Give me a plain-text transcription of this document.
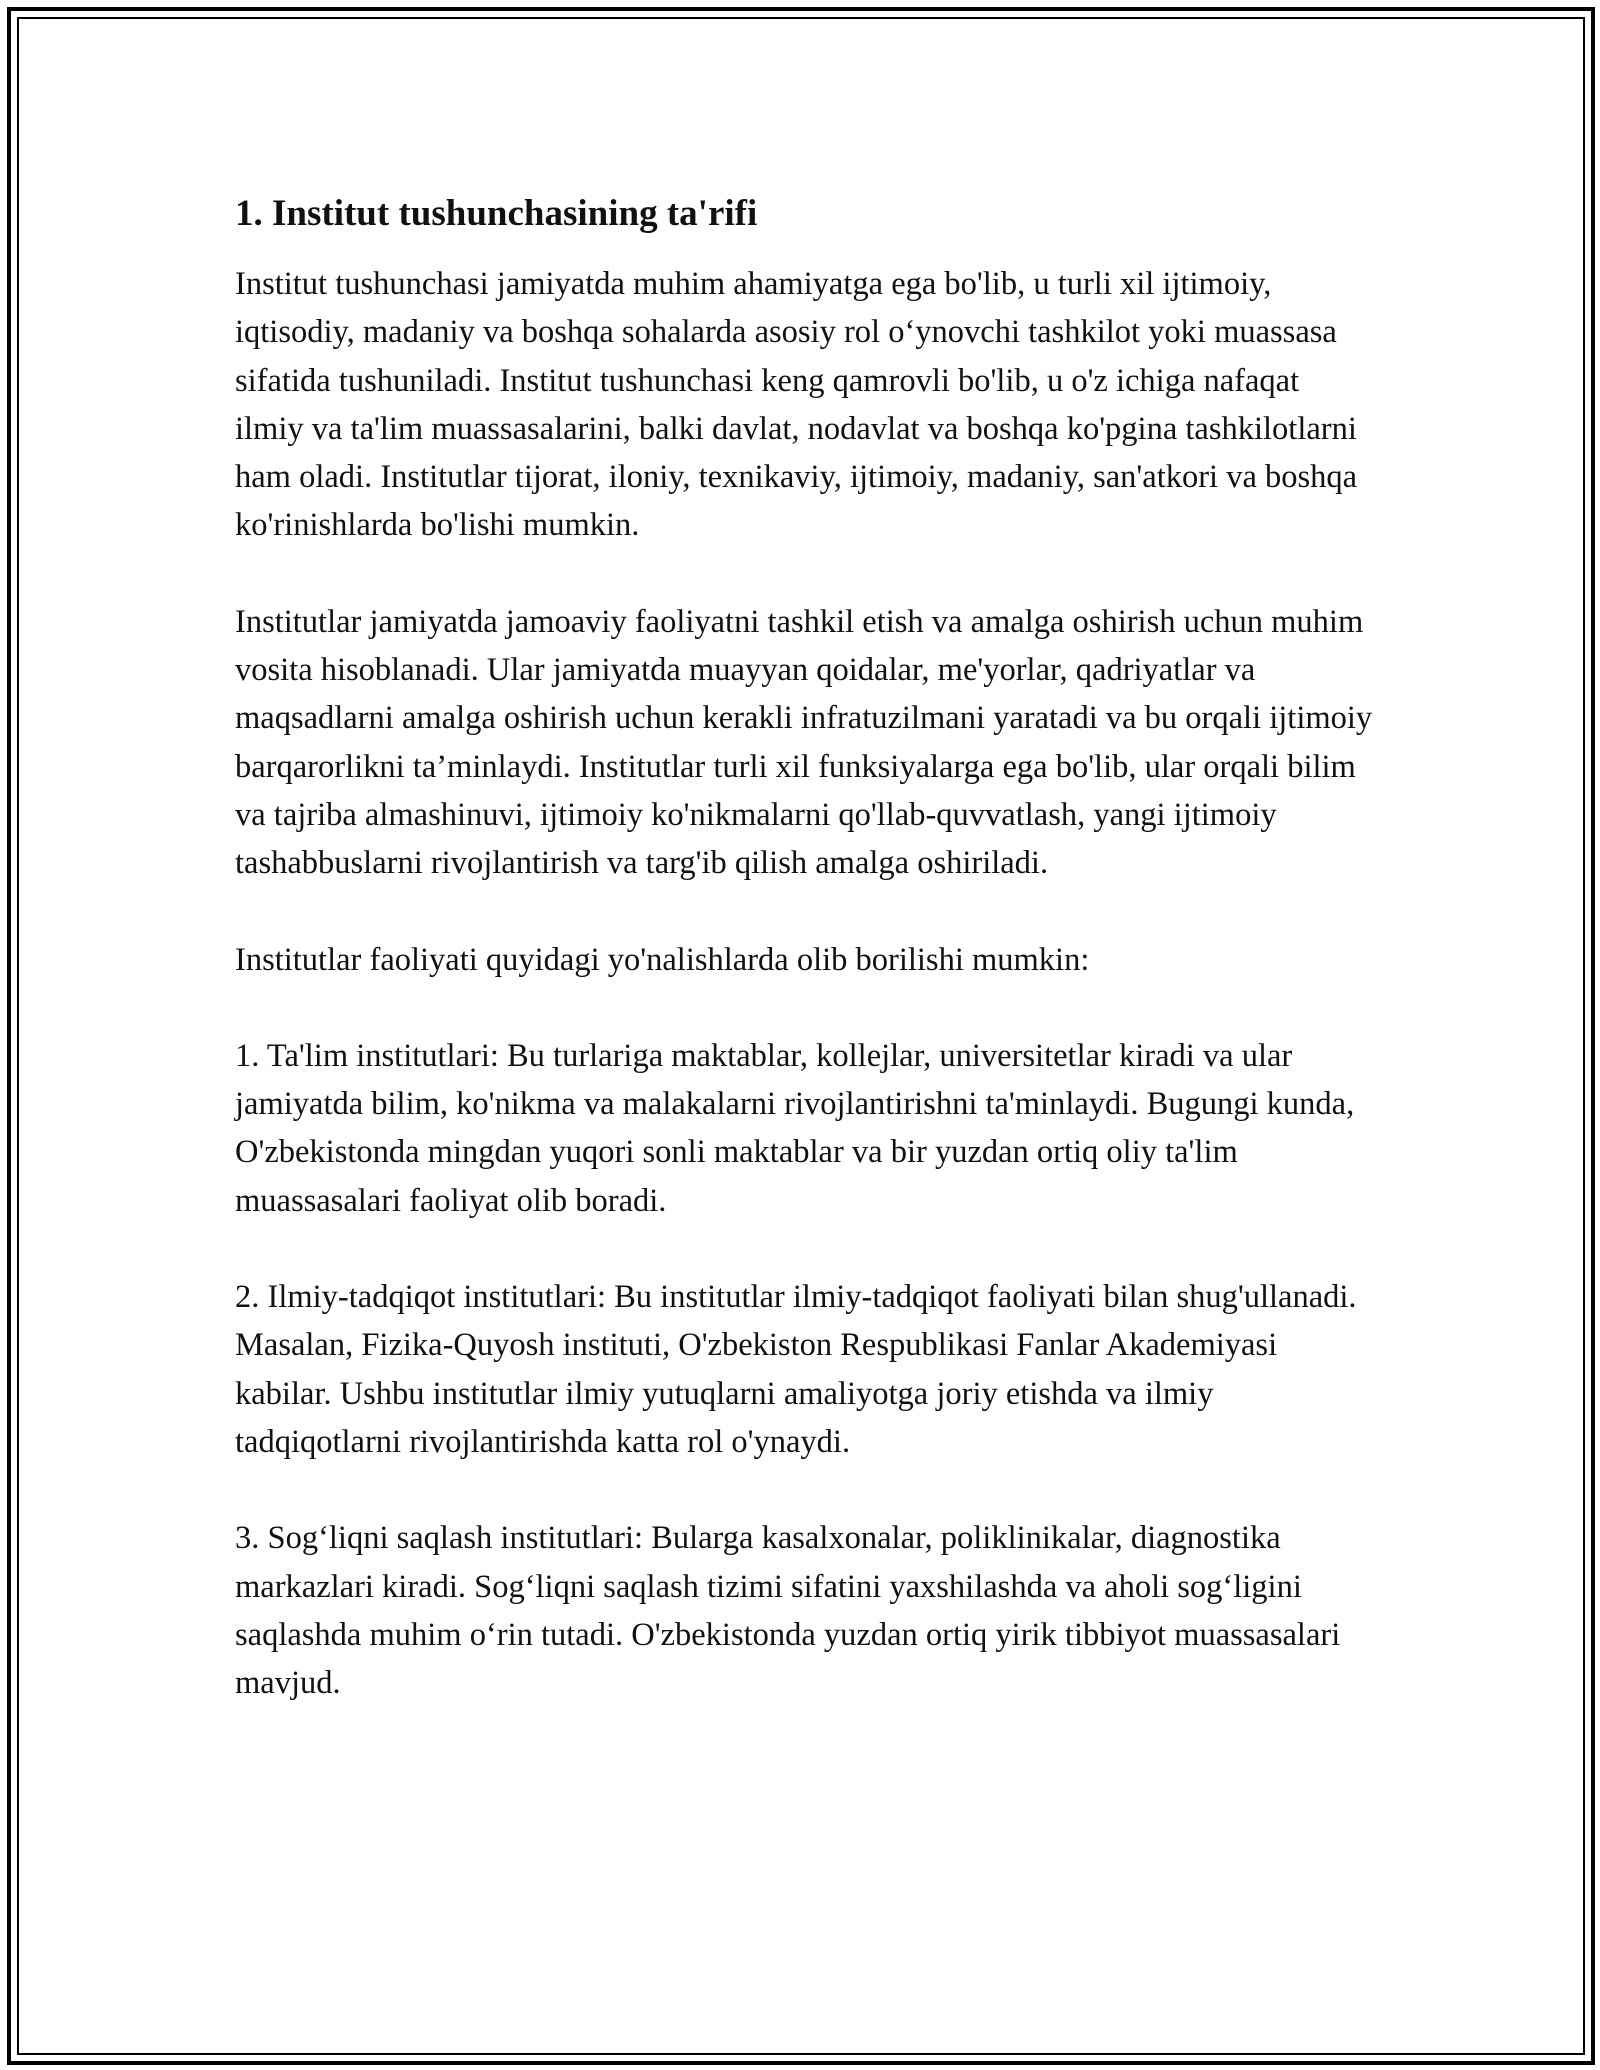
1. Institut tushunchasining ta'rifi

Institut tushunchasi jamiyatda muhim ahamiyatga ega bo'lib, u turli xil ijtimoiy, iqtisodiy, madaniy va boshqa sohalarda asosiy rol o‘ynovchi tashkilot yoki muassasa sifatida tushuniladi. Institut tushunchasi keng qamrovli bo'lib, u o'z ichiga nafaqat ilmiy va ta'lim muassasalarini, balki davlat, nodavlat va boshqa ko'pgina tashkilotlarni ham oladi. Institutlar tijorat, iloniy, texnikaviy, ijtimoiy, madaniy, san'atkori va boshqa ko'rinishlarda bo'lishi mumkin.

Institutlar jamiyatda jamoaviy faoliyatni tashkil etish va amalga oshirish uchun muhim vosita hisoblanadi. Ular jamiyatda muayyan qoidalar, me'yorlar, qadriyatlar va maqsadlarni amalga oshirish uchun kerakli infratuzilmani yaratadi va bu orqali ijtimoiy barqarorlikni ta’minlaydi. Institutlar turli xil funksiyalarga ega bo'lib, ular orqali bilim va tajriba almashinuvi, ijtimoiy ko'nikmalarni qo'llab-quvvatlash, yangi ijtimoiy tashabbuslarni rivojlantirish va targ'ib qilish amalga oshiriladi.

Institutlar faoliyati quyidagi yo'nalishlarda olib borilishi mumkin:

1. Ta'lim institutlari: Bu turlariga maktablar, kollejlar, universitetlar kiradi va ular jamiyatda bilim, ko'nikma va malakalarni rivojlantirishni ta'minlaydi. Bugungi kunda, O'zbekistonda mingdan yuqori sonli maktablar va bir yuzdan ortiq oliy ta'lim muassasalari faoliyat olib boradi.

2. Ilmiy-tadqiqot institutlari: Bu institutlar ilmiy-tadqiqot faoliyati bilan shug'ullanadi. Masalan, Fizika-Quyosh instituti, O'zbekiston Respublikasi Fanlar Akademiyasi kabilar. Ushbu institutlar ilmiy yutuqlarni amaliyotga joriy etishda va ilmiy tadqiqotlarni rivojlantirishda katta rol o'ynaydi.

3. Sog‘liqni saqlash institutlari: Bularga kasalxonalar, poliklinikalar, diagnostika markazlari kiradi. Sog‘liqni saqlash tizimi sifatini yaxshilashda va aholi sog‘ligini saqlashda muhim o‘rin tutadi. O'zbekistonda yuzdan ortiq yirik tibbiyot muassasalari mavjud.
